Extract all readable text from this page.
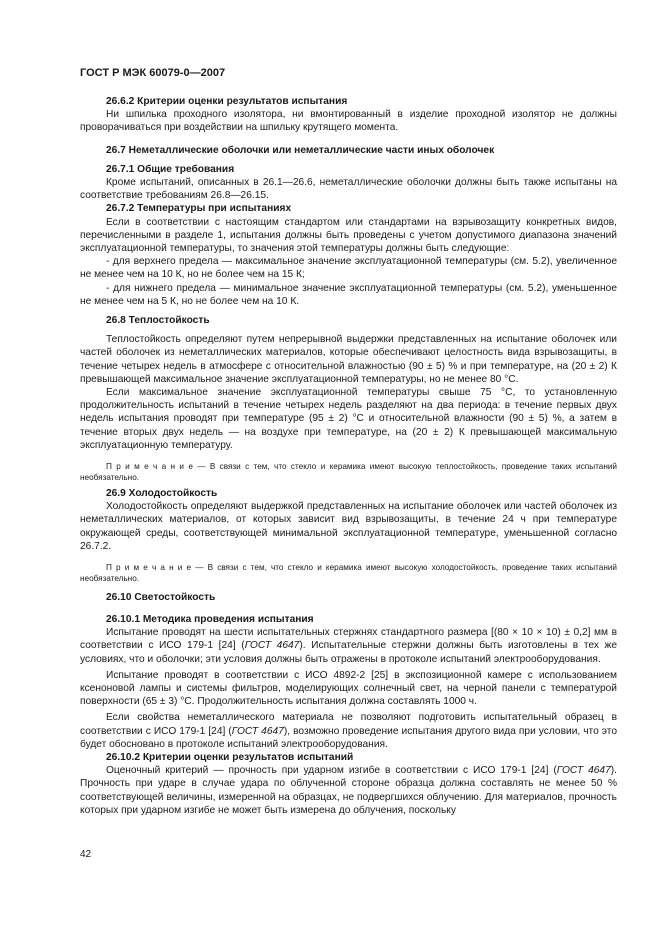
ГОСТ Р МЭК 60079-0—2007

26.6.2 Критерии оценки результатов испытания

Ни шпилька проходного изолятора, ни вмонтированный в изделие проходной изолятор не должны проворачиваться при воздействии на шпильку крутящего момента.

26.7 Неметаллические оболочки или неметаллические части иных оболочек

26.7.1 Общие требования

Кроме испытаний, описанных в 26.1—26.6, неметаллические оболочки должны быть также испытаны на соответствие требованиям 26.8—26.15.

26.7.2 Температуры при испытаниях

Если в соответствии с настоящим стандартом или стандартами на взрывозащиту конкретных видов, перечисленными в разделе 1, испытания должны быть проведены с учетом допустимого диапазона значений эксплуатационной температуры, то значения этой температуры должны быть следующие:

- для верхнего предела — максимальное значение эксплуатационной температуры (см. 5.2), увеличенное не менее чем на 10 К, но не более чем на 15 К;

- для нижнего предела — минимальное значение эксплуатационной температуры (см. 5.2), уменьшенное не менее чем на 5 К, но не более чем на 10 К.

26.8 Теплостойкость

Теплостойкость определяют путем непрерывной выдержки представленных на испытание оболочек или частей оболочек из неметаллических материалов, которые обеспечивают целостность вида взрывозащиты, в течение четырех недель в атмосфере с относительной влажностью (90 ± 5) % и при температуре, на (20 ± 2) К превышающей максимальное значение эксплуатационной температуры, но не менее 80 °С.

Если максимальное значение эксплуатационной температуры свыше 75 °С, то установленную продолжительность испытаний в течение четырех недель разделяют на два периода: в течение первых двух недель испытания проводят при температуре (95 ± 2) °С и относительной влажности (90 ± 5) %, а затем в течение вторых двух недель — на воздухе при температуре, на (20 ± 2) К превышающей максимальную эксплуатационную температуру.

П р и м е ч а н и е — В связи с тем, что стекло и керамика имеют высокую теплостойкость, проведение таких испытаний необязательно.

26.9 Холодостойкость

Холодостойкость определяют выдержкой представленных на испытание оболочек или частей оболочек из неметаллических материалов, от которых зависит вид взрывозащиты, в течение 24 ч при температуре окружающей среды, соответствующей минимальной эксплуатационной температуре, уменьшенной согласно 26.7.2.

П р и м е ч а н и е — В связи с тем, что стекло и керамика имеют высокую холодостойкость, проведение таких испытаний необязательно.

26.10 Светостойкость

26.10.1 Методика проведения испытания

Испытание проводят на шести испытательных стержнях стандартного размера [(80 × 10 × 10) ± 0,2] мм в соответствии с ИСО 179-1 [24] (ГОСТ 4647). Испытательные стержни должны быть изготовлены в тех же условиях, что и оболочки; эти условия должны быть отражены в протоколе испытаний электрооборудования.

Испытание проводят в соответствии с ИСО 4892-2 [25] в экспозиционной камере с использованием ксеноновой лампы и системы фильтров, моделирующих солнечный свет, на черной панели с температурой поверхности (65 ± 3) °С. Продолжительность испытания должна составлять 1000 ч.

Если свойства неметаллического материала не позволяют подготовить испытательный образец в соответствии с ИСО 179-1 [24] (ГОСТ 4647), возможно проведение испытания другого вида при условии, что это будет обосновано в протоколе испытаний электрооборудования.

26.10.2 Критерии оценки результатов испытаний

Оценочный критерий — прочность при ударном изгибе в соответствии с ИСО 179-1 [24] (ГОСТ 4647). Прочность при ударе в случае удара по облученной стороне образца должна составлять не менее 50 % соответствующей величины, измеренной на образцах, не подвергшихся облучению. Для материалов, прочность которых при ударном изгибе не может быть измерена до облучения, поскольку

42
